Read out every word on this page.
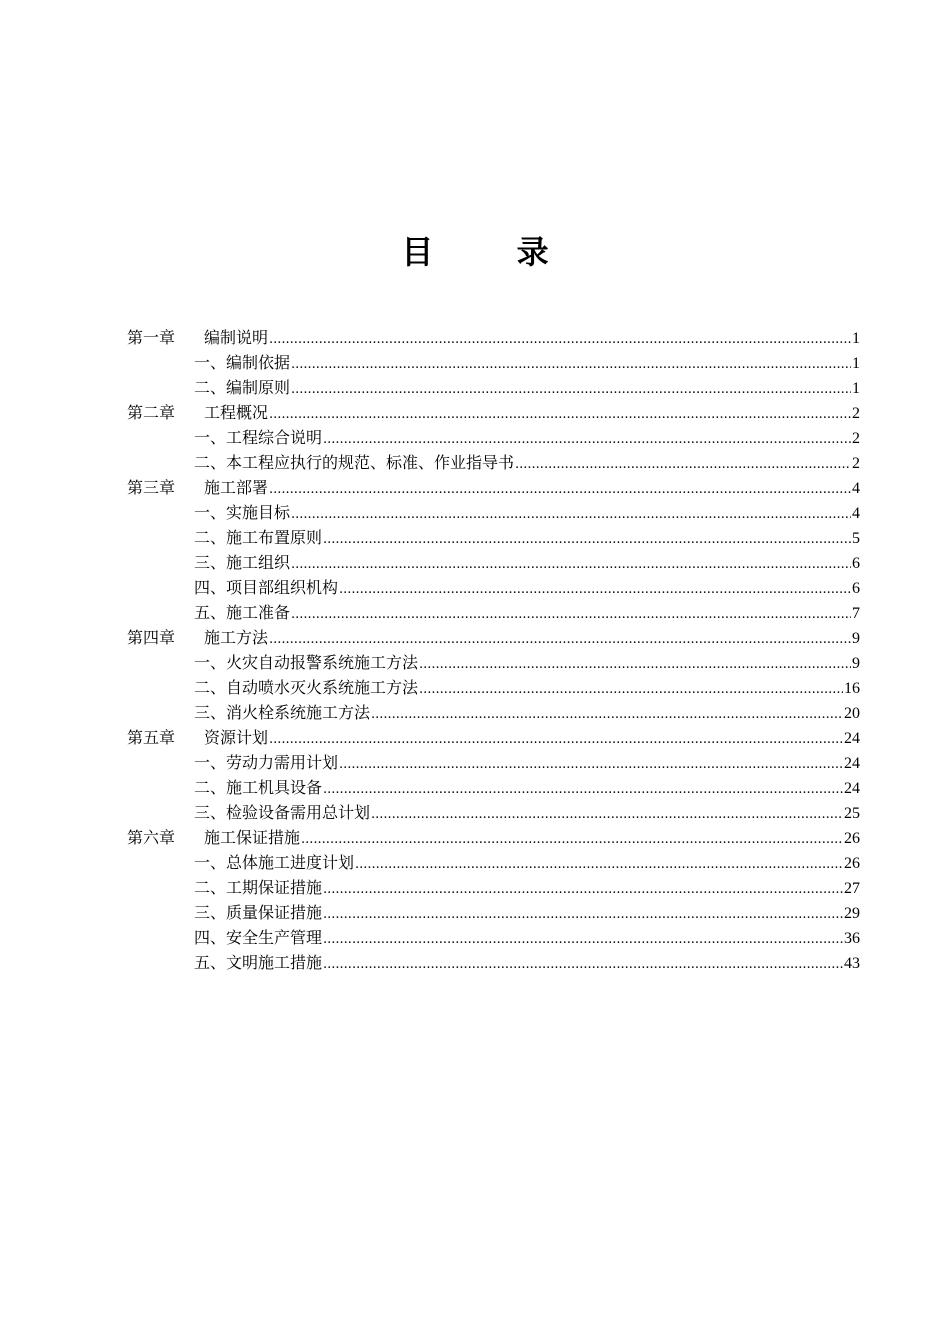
目 录
第一章 编制说明 .....	1
一、编制依据 .....	1
二、编制原则 .....	1
第二章 工程概况 .....	2
一、工程综合说明 .....	2
二、本工程应执行的规范、标准、作业指导书 .....	2
第三章 施工部署 .....	4
一、实施目标 .....	4
二、施工布置原则 .....	5
三、施工组织 .....	6
四、项目部组织机构 .....	6
五、施工准备 .....	7
第四章 施工方法 .....	9
一、火灾自动报警系统施工方法 .....	9
二、自动喷水灭火系统施工方法 .....	16
三、消火栓系统施工方法 .....	20
第五章 资源计划 .....	24
一、劳动力需用计划 .....	24
二、施工机具设备 .....	24
三、检验设备需用总计划 .....	25
第六章 施工保证措施 .....	26
一、总体施工进度计划 .....	26
二、工期保证措施 .....	27
三、质量保证措施 .....	29
四、安全生产管理 .....	36
五、文明施工措施 .....	43
